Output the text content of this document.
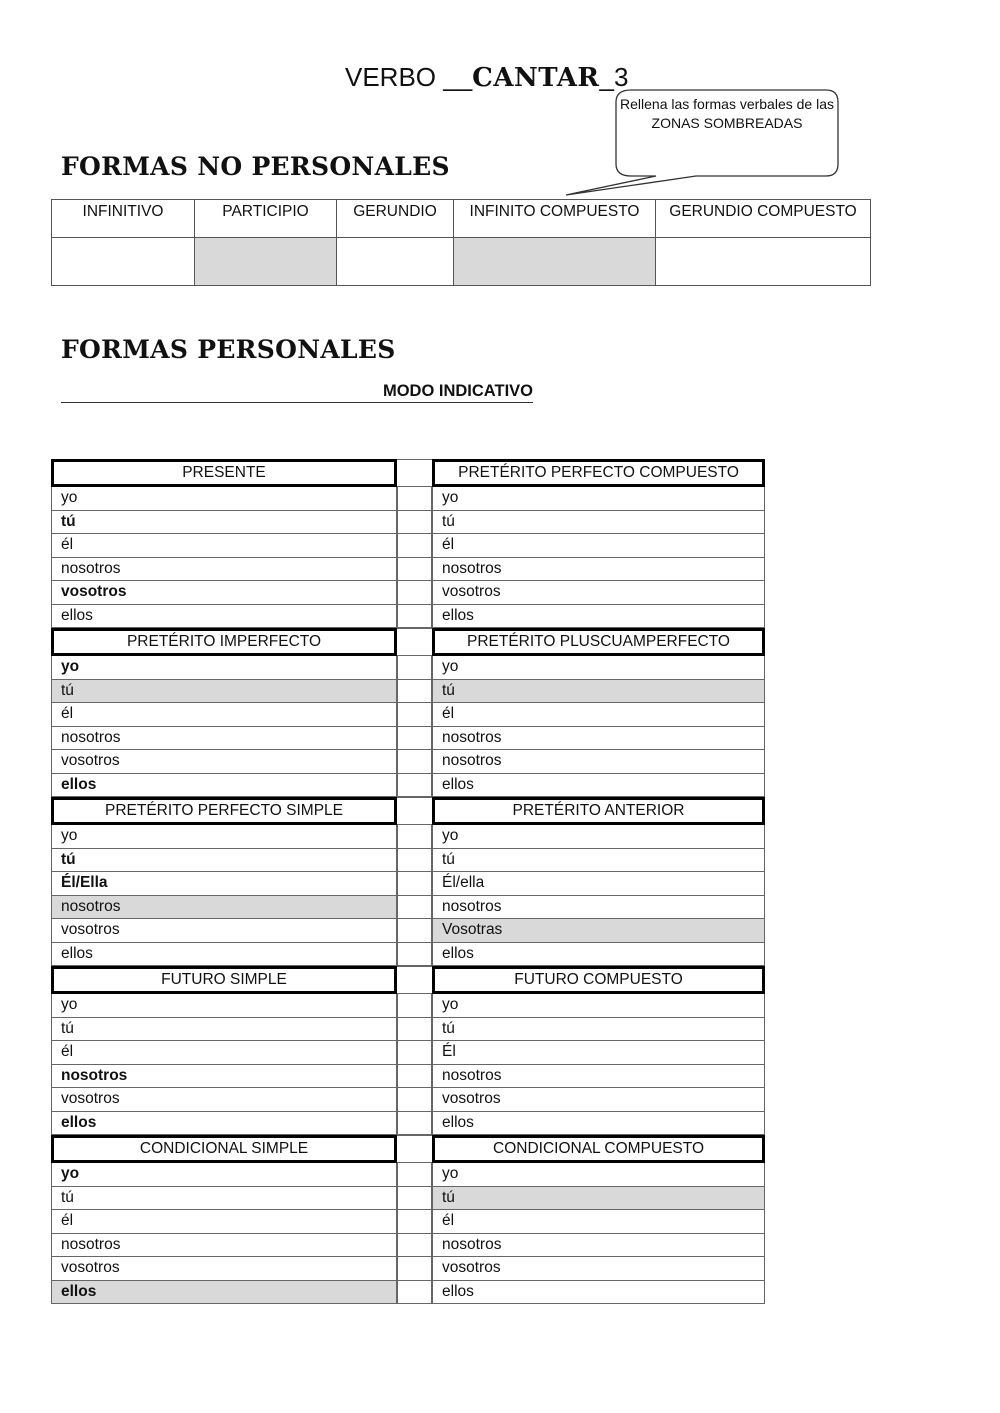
VERBO __CANTAR_3
Rellena las formas verbales de las ZONAS SOMBREADAS
FORMAS NO PERSONALES
INFINITIVO	PARTICIPIO	GERUNDIO	INFINITO COMPUESTO	GERUNDIO COMPUESTO

FORMAS PERSONALES
MODO INDICATIVO
PRESENTE	PRETÉRITO PERFECTO COMPUESTO
yo	yo
tú	tú
él	él
nosotros	nosotros
vosotros	vosotros
ellos	ellos
PRETÉRITO IMPERFECTO	PRETÉRITO PLUSCUAMPERFECTO
yo	yo
tú	tú
él	él
nosotros	nosotros
vosotros	nosotros
ellos	ellos
PRETÉRITO PERFECTO SIMPLE	PRETÉRITO ANTERIOR
yo	yo
tú	tú
Él/Ella	Él/ella
nosotros	nosotros
vosotros	Vosotras
ellos	ellos
FUTURO SIMPLE	FUTURO COMPUESTO
yo	yo
tú	tú
él	Él
nosotros	nosotros
vosotros	vosotros
ellos	ellos
CONDICIONAL SIMPLE	CONDICIONAL COMPUESTO
yo	yo
tú	tú
él	él
nosotros	nosotros
vosotros	vosotros
ellos	ellos
